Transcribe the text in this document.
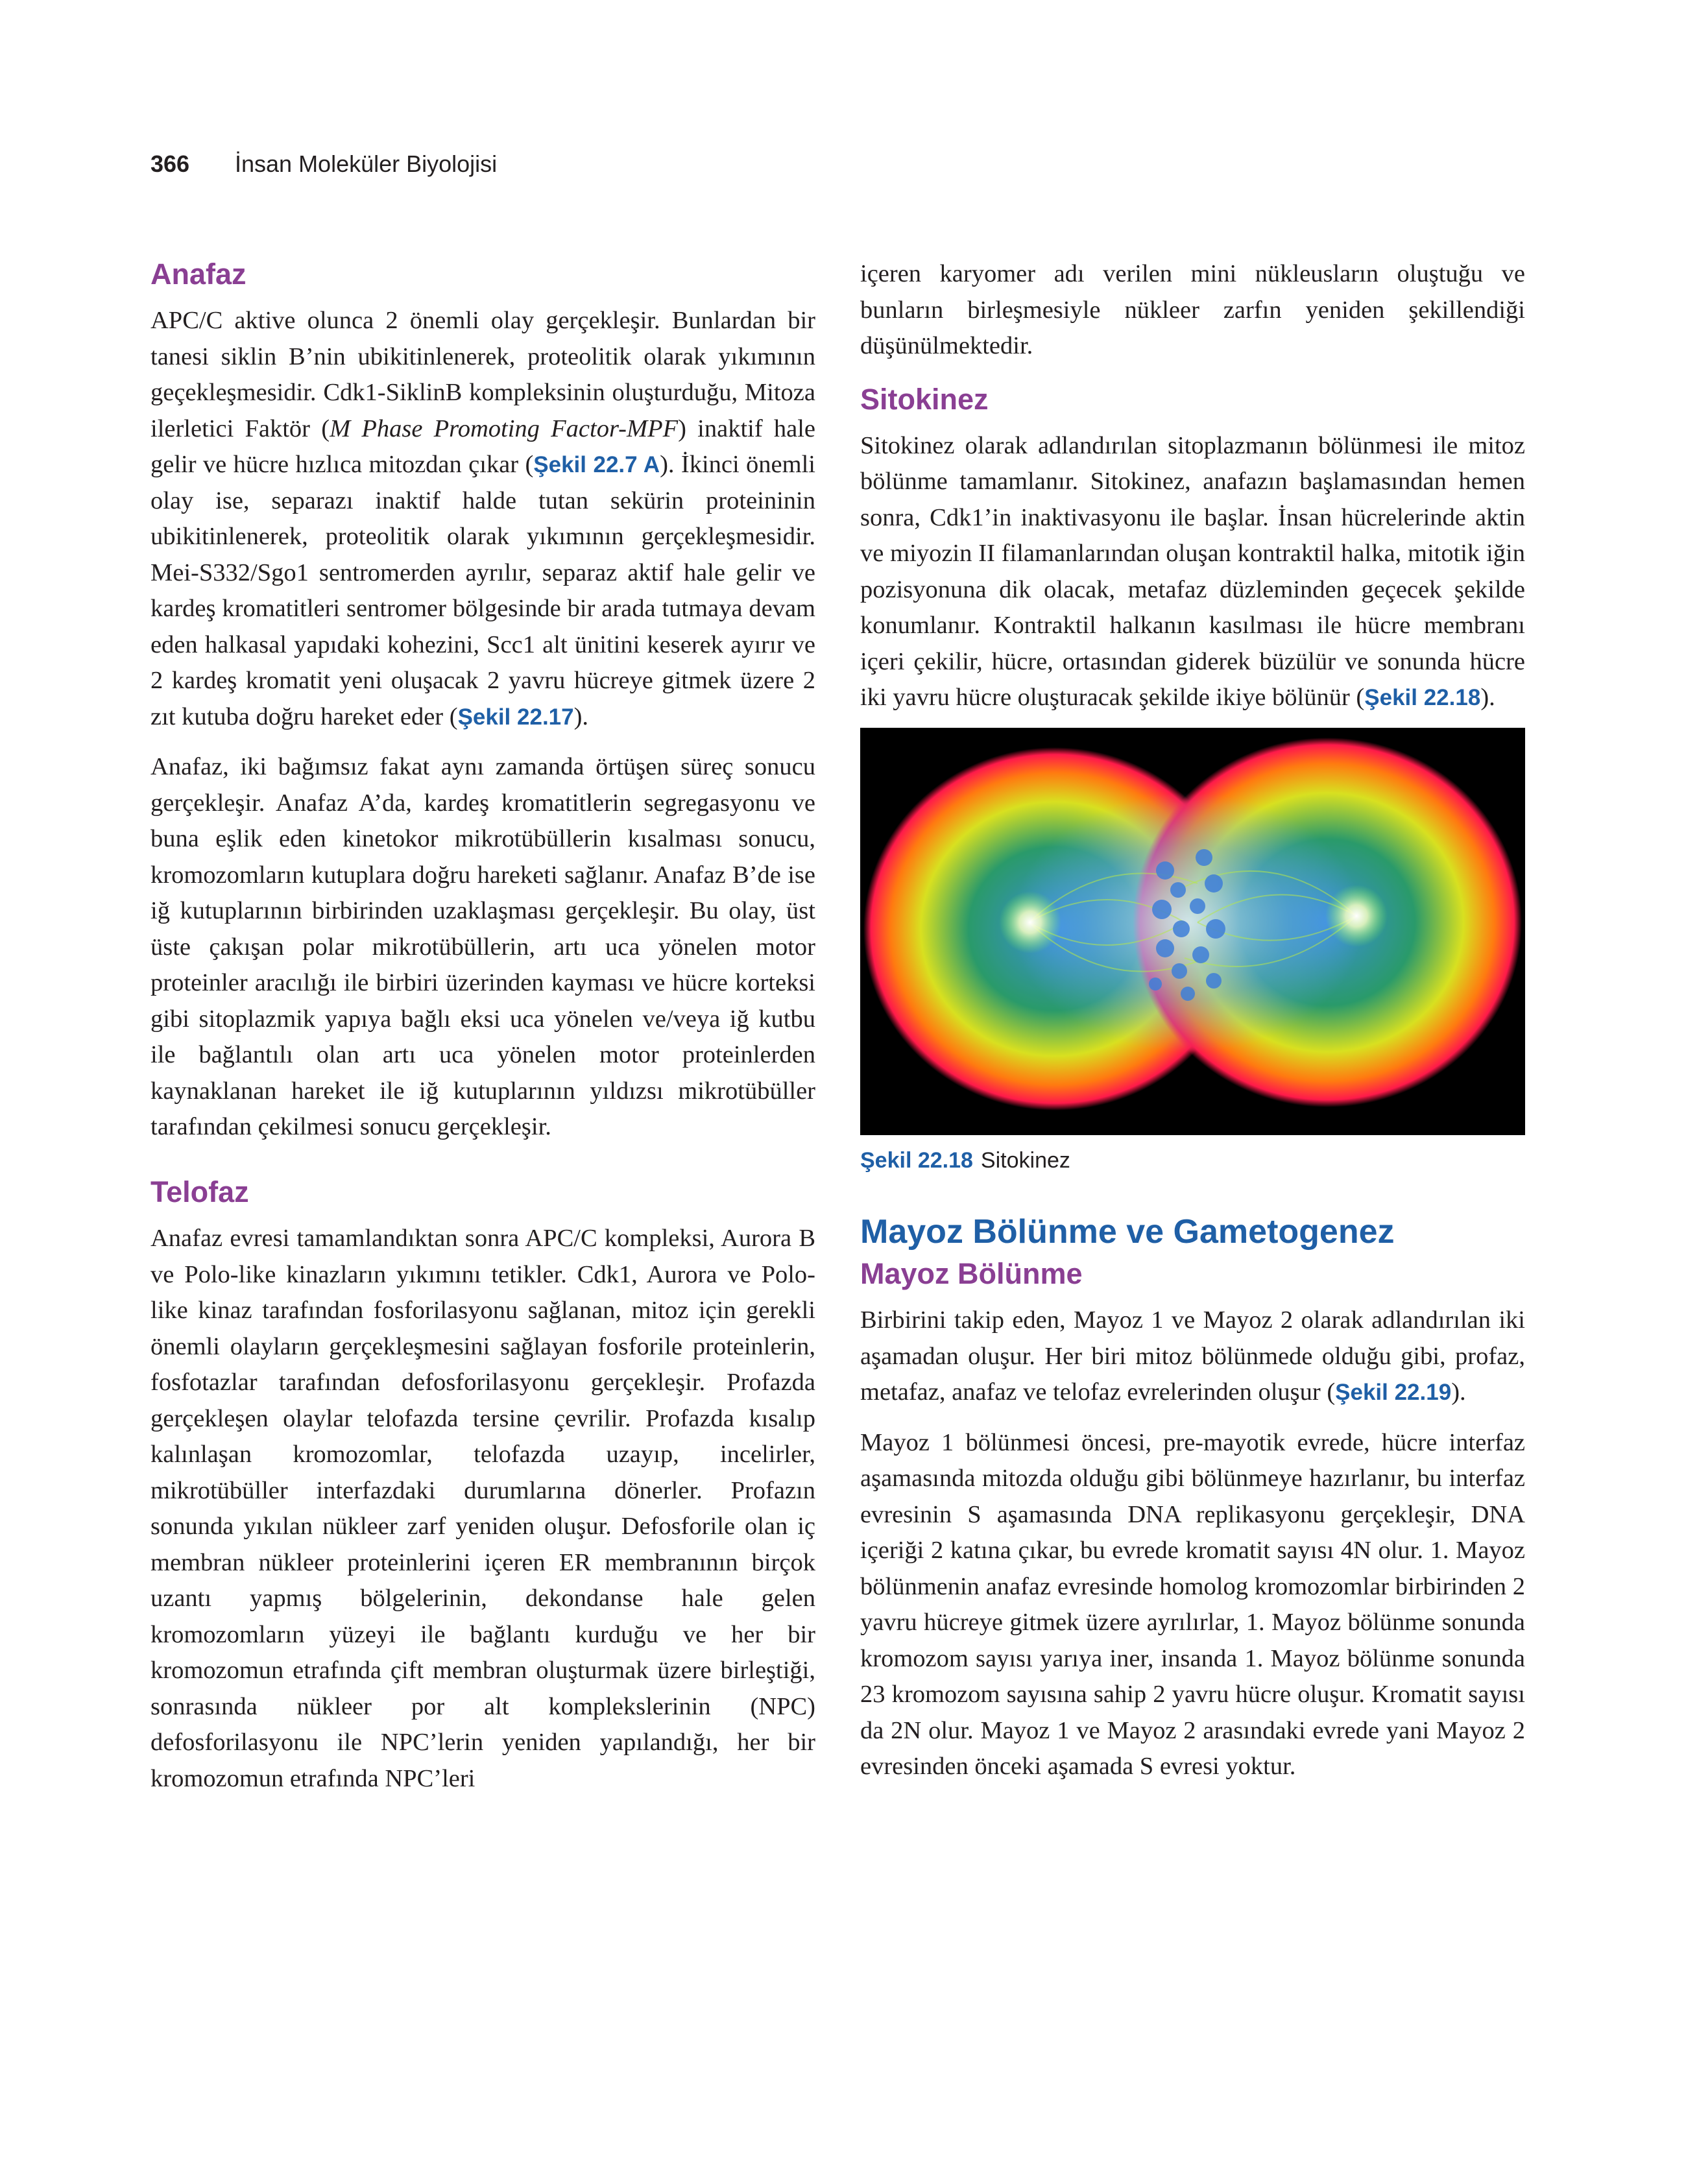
366 İnsan Moleküler Biyolojisi
Anafaz

APC/C aktive olunca 2 önemli olay gerçekleşir. Bunlardan bir tanesi siklin B’nin ubikitinlenerek, proteolitik olarak yıkımının geçekleşmesidir. Cdk1-SiklinB kompleksinin oluşturduğu, Mitoza ilerletici Faktör (M Phase Promoting Factor-MPF) inaktif hale gelir ve hücre hızlıca mitozdan çıkar (Şekil 22.7 A). İkinci önemli olay ise, separazı inaktif halde tutan sekürin proteininin ubikitinlenerek, proteolitik olarak yıkımının gerçekleşmesidir. Mei-S332/Sgo1 sentromerden ayrılır, separaz aktif hale gelir ve kardeş kromatitleri sentromer bölgesinde bir arada tutmaya devam eden halkasal yapıdaki kohezini, Scc1 alt ünitini keserek ayırır ve 2 kardeş kromatit yeni oluşacak 2 yavru hücreye gitmek üzere 2 zıt kutuba doğru hareket eder (Şekil 22.17).

Anafaz, iki bağımsız fakat aynı zamanda örtüşen süreç sonucu gerçekleşir. Anafaz A’da, kardeş kromatitlerin segregasyonu ve buna eşlik eden kinetokor mikrotübüllerin kısalması sonucu, kromozomların kutuplara doğru hareketi sağlanır. Anafaz B’de ise iğ kutuplarının birbirinden uzaklaşması gerçekleşir. Bu olay, üst üste çakışan polar mikrotübüllerin, artı uca yönelen motor proteinler aracılığı ile birbiri üzerinden kayması ve hücre korteksi gibi sitoplazmik yapıya bağlı eksi uca yönelen ve/veya iğ kutbu ile bağlantılı olan artı uca yönelen motor proteinlerden kaynaklanan hareket ile iğ kutuplarının yıldızsı mikrotübüller tarafından çekilmesi sonucu gerçekleşir.

Telofaz

Anafaz evresi tamamlandıktan sonra APC/C kompleksi, Aurora B ve Polo-like kinazların yıkımını tetikler. Cdk1, Aurora ve Polo-like kinaz tarafından fosforilasyonu sağlanan, mitoz için gerekli önemli olayların gerçekleşmesini sağlayan fosforile proteinlerin, fosfotazlar tarafından defosforilasyonu gerçekleşir. Profazda gerçekleşen olaylar telofazda tersine çevrilir. Profazda kısalıp kalınlaşan kromozomlar, telofazda uzayıp, incelirler, mikrotübüller interfazdaki durumlarına dönerler. Profazın sonunda yıkılan nükleer zarf yeniden oluşur. Defosforile olan iç membran nükleer proteinlerini içeren ER membranının birçok uzantı yapmış bölgelerinin, dekondanse hale gelen kromozomların yüzeyi ile bağlantı kurduğu ve her bir kromozomun etrafında çift membran oluşturmak üzere birleştiği, sonrasında nükleer por alt komplekslerinin (NPC) defosforilasyonu ile NPC’lerin yeniden yapılandığı, her bir kromozomun etrafında NPC’leri

içeren karyomer adı verilen mini nükleusların oluştuğu ve bunların birleşmesiyle nükleer zarfın yeniden şekillendiği düşünülmektedir.

Sitokinez

Sitokinez olarak adlandırılan sitoplazmanın bölünmesi ile mitoz bölünme tamamlanır. Sitokinez, anafazın başlamasından hemen sonra, Cdk1’in inaktivasyonu ile başlar. İnsan hücrelerinde aktin ve miyozin II filamanlarından oluşan kontraktil halka, mitotik iğin pozisyonuna dik olacak, metafaz düzleminden geçecek şekilde konumlanır. Kontraktil halkanın kasılması ile hücre membranı içeri çekilir, hücre, ortasından giderek büzülür ve sonunda hücre iki yavru hücre oluşturacak şekilde ikiye bölünür (Şekil 22.18).

Şekil 22.18 Sitokinez
Mayoz Bölünme ve Gametogenez
Mayoz Bölünme

Birbirini takip eden, Mayoz 1 ve Mayoz 2 olarak adlandırılan iki aşamadan oluşur. Her biri mitoz bölünmede olduğu gibi, profaz, metafaz, anafaz ve telofaz evrelerinden oluşur (Şekil 22.19).

Mayoz 1 bölünmesi öncesi, pre-mayotik evrede, hücre interfaz aşamasında mitozda olduğu gibi bölünmeye hazırlanır, bu interfaz evresinin S aşamasında DNA replikasyonu gerçekleşir, DNA içeriği 2 katına çıkar, bu evrede kromatit sayısı 4N olur. 1. Mayoz bölünmenin anafaz evresinde homolog kromozomlar birbirinden 2 yavru hücreye gitmek üzere ayrılırlar, 1. Mayoz bölünme sonunda kromozom sayısı yarıya iner, insanda 1. Mayoz bölünme sonunda 23 kromozom sayısına sahip 2 yavru hücre oluşur. Kromatit sayısı da 2N olur. Mayoz 1 ve Mayoz 2 arasındaki evrede yani Mayoz 2 evresinden önceki aşamada S evresi yoktur.
